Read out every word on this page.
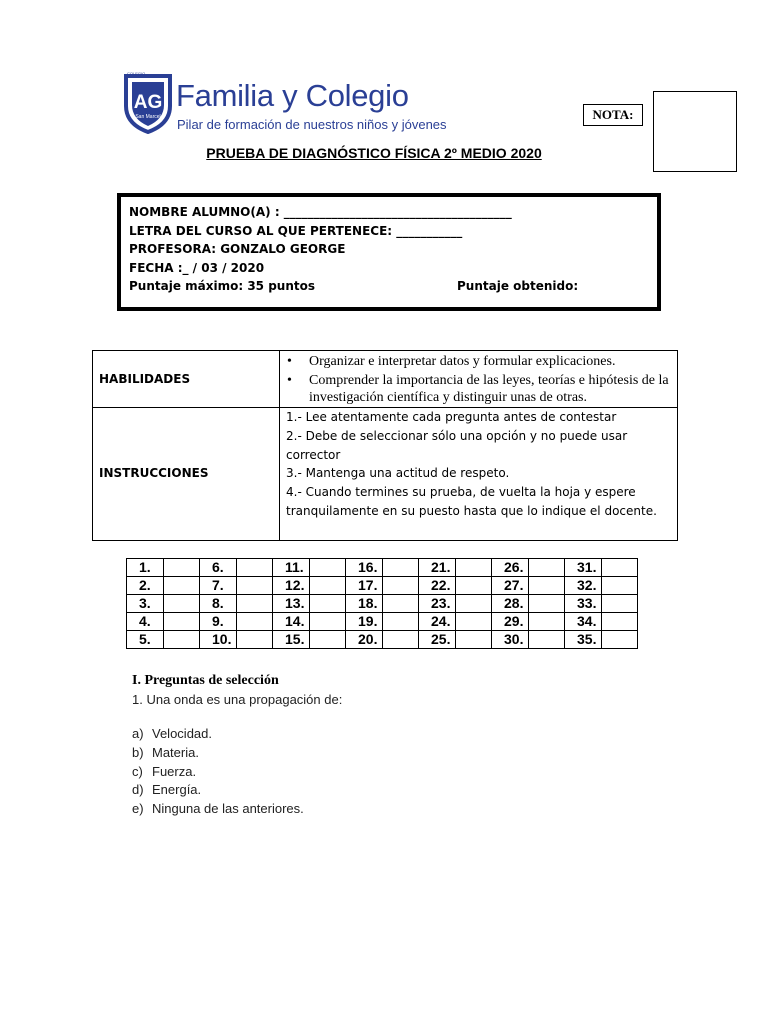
COLEGIO
AG
San Marcel
Familia y Colegio
Pilar de formación de nuestros niños y jóvenes
NOTA:
PRUEBA DE DIAGNÓSTICO FÍSICA 2º MEDIO 2020
NOMBRE ALUMNO(A) : ______________________________________
LETRA DEL CURSO AL QUE PERTENECE: ___________
PROFESORA: GONZALO GEORGE
FECHA :_ / 03 / 2020
Puntaje máximo: 35 puntos	Puntaje obtenido:
HABILIDADES
• Organizar e interpretar datos y formular explicaciones.
• Comprender la importancia de las leyes, teorías e hipótesis de la investigación científica y distinguir unas de otras.
INSTRUCCIONES
1.- Lee atentamente cada pregunta antes de contestar
2.- Debe de seleccionar sólo una opción y no puede usar corrector
3.- Mantenga una actitud de respeto.
4.- Cuando termines su prueba, de vuelta la hoja y espere tranquilamente en su puesto hasta que lo indique el docente.
1.		6.		11.		16.		21.		26.		31.	
2.		7.		12.		17.		22.		27.		32.	
3.		8.		13.		18.		23.		28.		33.	
4.		9.		14.		19.		24.		29.		34.	
5.		10.		15.		20.		25.		30.		35.	
I. Preguntas de selección
1. Una onda es una propagación de:
a) Velocidad.
b) Materia.
c) Fuerza.
d) Energía.
e) Ninguna de las anteriores.
